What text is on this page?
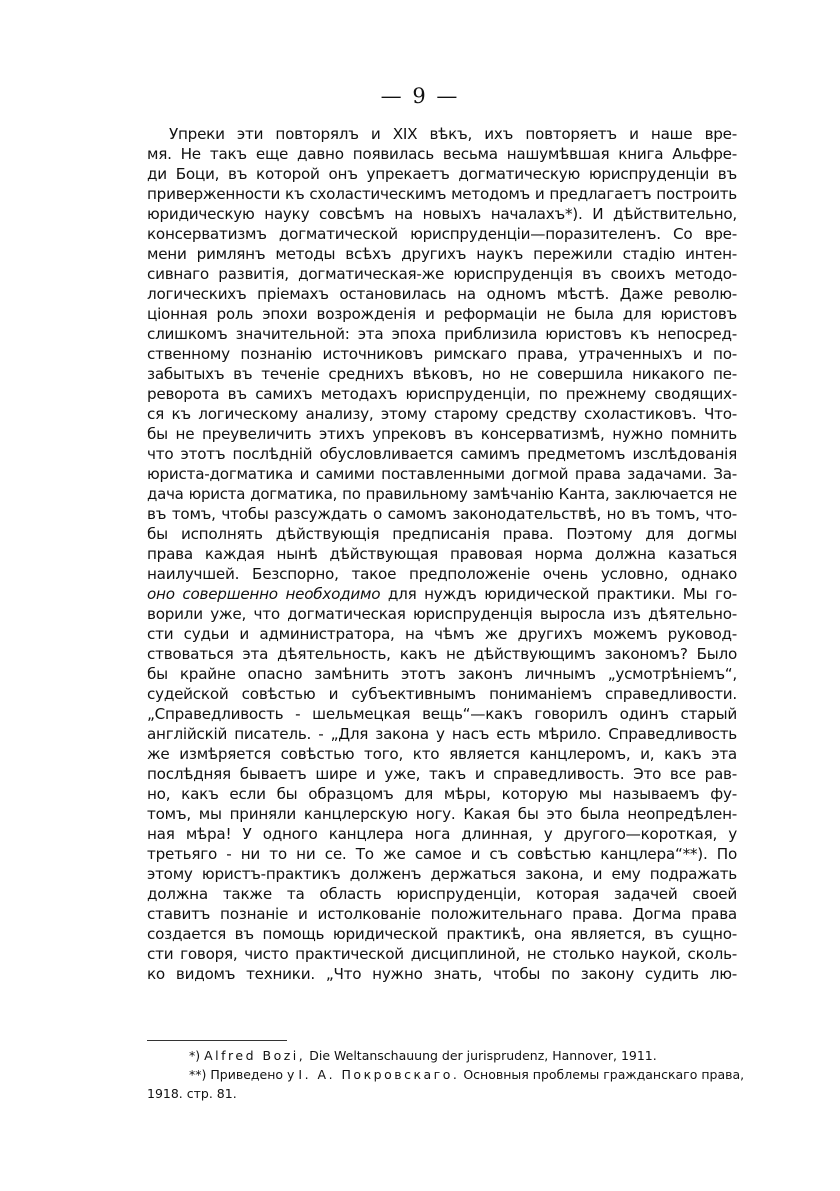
— 9 —
Упреки эти повторялъ и XIX вѣкъ, ихъ повторяетъ и наше вре-
мя. Не такъ еще давно появилась весьма нашумѣвшая книга Альфре-
ди Боци, въ которой онъ упрекаетъ догматическую юриспруденціи въ
приверженности къ схоластическимъ методомъ и предлагаетъ построить
юридическую науку совсѣмъ на новыхъ началахъ*). И дѣйствительно,
консерватизмъ догматической юриспруденціи—поразителенъ. Со вре-
мени римлянъ методы всѣхъ другихъ наукъ пережили стадію интен-
сивнаго развитія, догматическая-же юриспруденція въ своихъ методо-
логическихъ пріемахъ остановилась на одномъ мѣстѣ. Даже револю-
ціонная роль эпохи возрожденія и реформаціи не была для юристовъ
слишкомъ значительной: эта эпоха приблизила юристовъ къ непосред-
ственному познанію источниковъ римскаго права, утраченныхъ и по-
забытыхъ въ теченіе среднихъ вѣковъ, но не совершила никакого пе-
реворота въ самихъ методахъ юриспруденціи, по прежнему сводящих-
ся къ логическому анализу, этому старому средству схоластиковъ. Что-
бы не преувеличить этихъ упрековъ въ консерватизмѣ, нужно помнить
что этотъ послѣдній обусловливается самимъ предметомъ изслѣдованія
юриста-догматика и самими поставленными догмой права задачами. За-
дача юриста догматика, по правильному замѣчанію Канта, заключается не
въ томъ, чтобы разсуждать о самомъ законодательствѣ, но въ томъ, что-
бы исполнять дѣйствующія предписанія права. Поэтому для догмы
права каждая нынѣ дѣйствующая правовая норма должна казаться
наилучшей. Безспорно, такое предположеніе очень условно, однако
оно совершенно необходимо для нуждъ юридической практики. Мы го-
ворили уже, что догматическая юриспруденція выросла изъ дѣятельно-
сти судьи и администратора, на чѣмъ же другихъ можемъ руковод-
ствоваться эта дѣятельность, какъ не дѣйствующимъ закономъ? Было
бы крайне опасно замѣнить этотъ законъ личнымъ „усмотрѣніемъ“,
судейской совѣстью и субъективнымъ пониманіемъ справедливости.
„Справедливость - шельмецкая вещь“—какъ говорилъ одинъ старый
англійскій писатель. - „Для закона у насъ есть мѣрило. Справедливость
же измѣряется совѣстью того, кто является канцлеромъ, и, какъ эта
послѣдняя бываетъ шире и уже, такъ и справедливость. Это все рав-
но, какъ если бы образцомъ для мѣры, которую мы называемъ фу-
томъ, мы приняли канцлерскую ногу. Какая бы это была неопредѣлен-
ная мѣра! У одного канцлера нога длинная, у другого—короткая, у
третьяго - ни то ни се. То же самое и съ совѣстью канцлера“**). По
этому юристъ-практикъ долженъ держаться закона, и ему подражать
должна также та область юриспруденціи, которая задачей своей
ставитъ познаніе и истолкованіе положительнаго права. Догма права
создается въ помощь юридической практикѣ, она является, въ сущно-
сти говоря, чисто практической дисциплиной, не столько наукой, сколь-
ко видомъ техники. „Что нужно знать, чтобы по закону судить лю-
*) Alfred Bozi, Die Weltanschauung der jurisprudenz, Hannover, 1911.
**) Приведено у І. А. Покровскаго. Основныя проблемы гражданскаго права,
1918. стр. 81.
